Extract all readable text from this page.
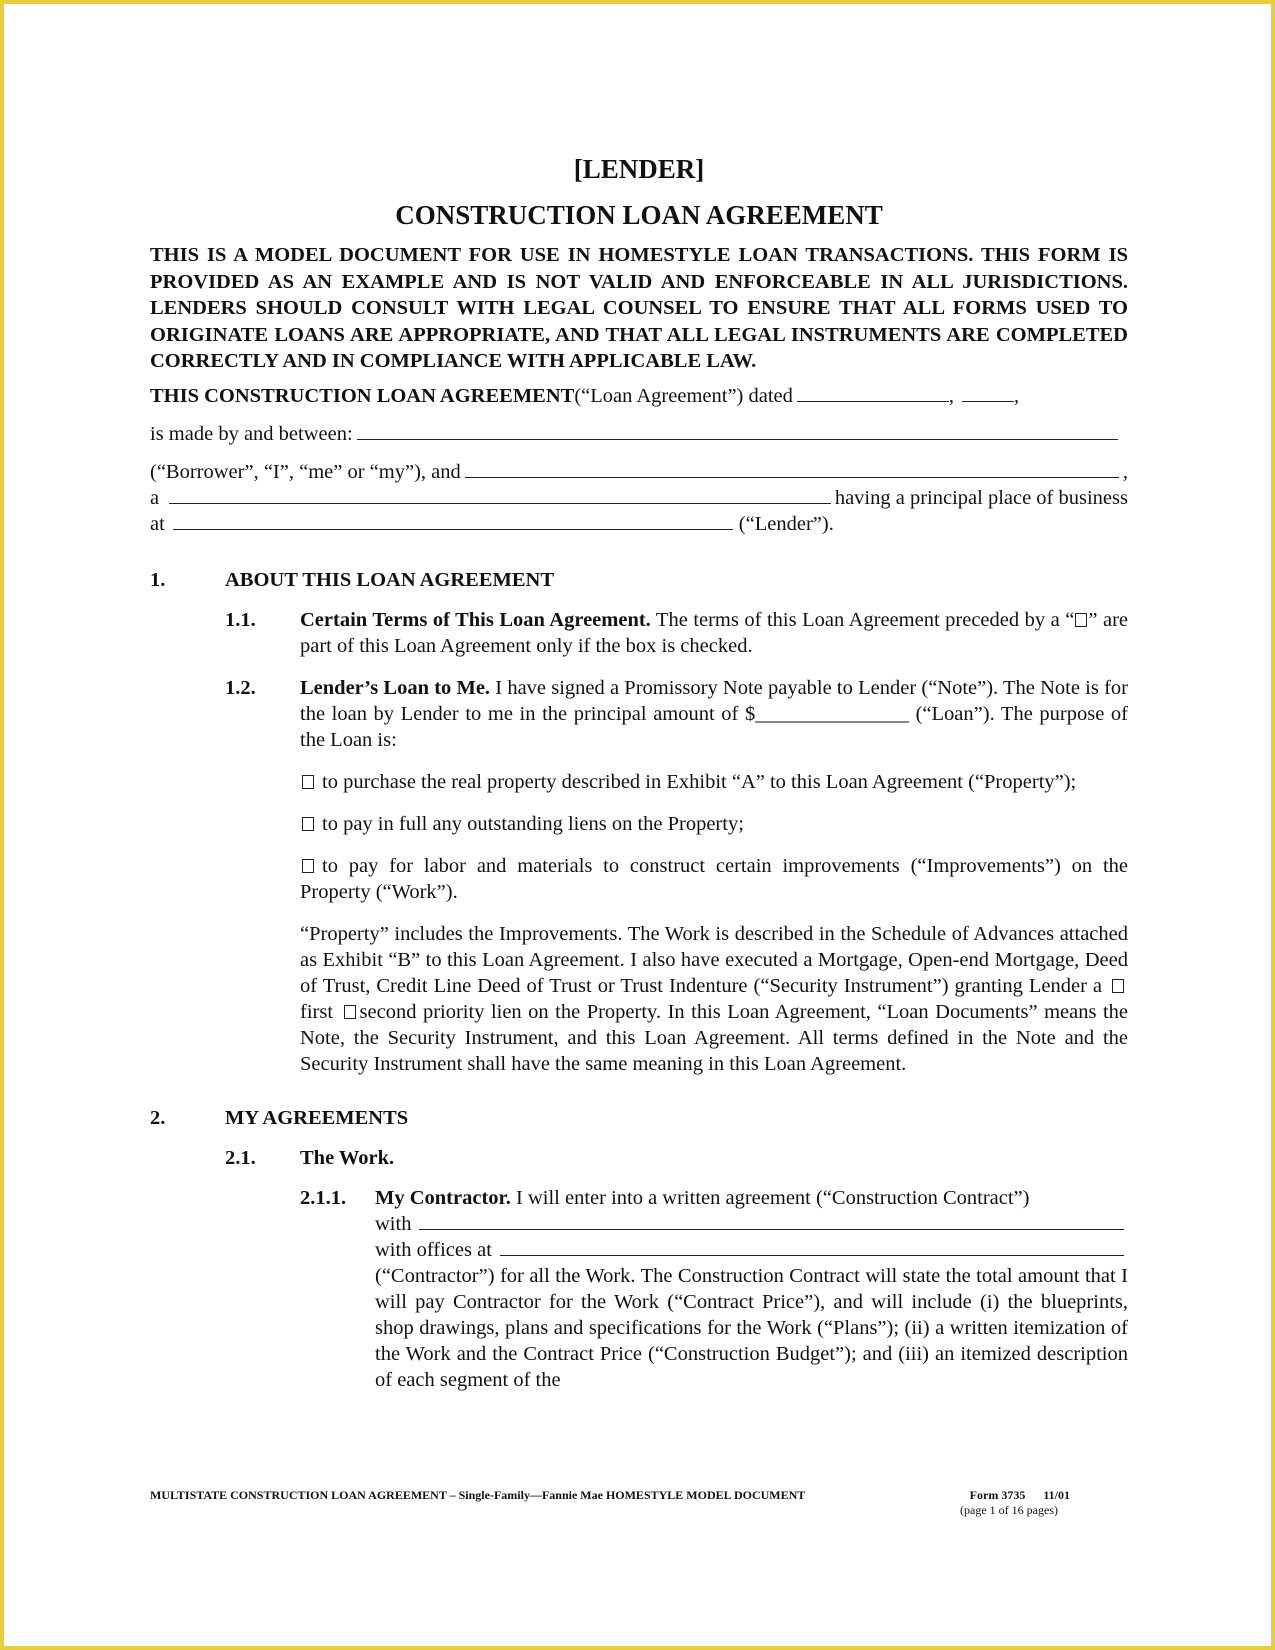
[LENDER]
CONSTRUCTION LOAN AGREEMENT
THIS IS A MODEL DOCUMENT FOR USE IN HOMESTYLE LOAN TRANSACTIONS. THIS FORM IS PROVIDED AS AN EXAMPLE AND IS NOT VALID AND ENFORCEABLE IN ALL JURISDICTIONS. LENDERS SHOULD CONSULT WITH LEGAL COUNSEL TO ENSURE THAT ALL FORMS USED TO ORIGINATE LOANS ARE APPROPRIATE, AND THAT ALL LEGAL INSTRUMENTS ARE COMPLETED CORRECTLY AND IN COMPLIANCE WITH APPLICABLE LAW.
THIS CONSTRUCTION LOAN AGREEMENT (“Loan Agreement”) dated	,	,
is made by and between:
(“Borrower”, “I”, “me” or “my”), and	,
a	having a principal place of business
at	(“Lender”).
1.	ABOUT THIS LOAN AGREEMENT
1.1.	Certain Terms of This Loan Agreement. The terms of this Loan Agreement preceded by a “ ” are part of this Loan Agreement only if the box is checked.
1.2.	Lender’s Loan to Me. I have signed a Promissory Note payable to Lender (“Note”). The Note is for the loan by Lender to me in the principal amount of $_______________ (“Loan”). The purpose of the Loan is:
to purchase the real property described in Exhibit “A” to this Loan Agreement (“Property”);
to pay in full any outstanding liens on the Property;
to pay for labor and materials to construct certain improvements (“Improvements”) on the Property (“Work”).
“Property” includes the Improvements. The Work is described in the Schedule of Advances attached as Exhibit “B” to this Loan Agreement. I also have executed a Mortgage, Open-end Mortgage, Deed of Trust, Credit Line Deed of Trust or Trust Indenture (“Security Instrument”) granting Lender a first second priority lien on the Property. In this Loan Agreement, “Loan Documents” means the Note, the Security Instrument, and this Loan Agreement. All terms defined in the Note and the Security Instrument shall have the same meaning in this Loan Agreement.
2.	MY AGREEMENTS
2.1.	The Work.
2.1.1.	My Contractor. I will enter into a written agreement (“Construction Contract”)
with
with offices at
(“Contractor”) for all the Work. The Construction Contract will state the total amount that I will pay Contractor for the Work (“Contract Price”), and will include (i) the blueprints, shop drawings, plans and specifications for the Work (“Plans”); (ii) a written itemization of the Work and the Contract Price (“Construction Budget”); and (iii) an itemized description of each segment of the
MULTISTATE CONSTRUCTION LOAN AGREEMENT – Single-Family—Fannie Mae HOMESTYLE MODEL DOCUMENT	Form 3735 11/01
(page 1 of 16 pages)
